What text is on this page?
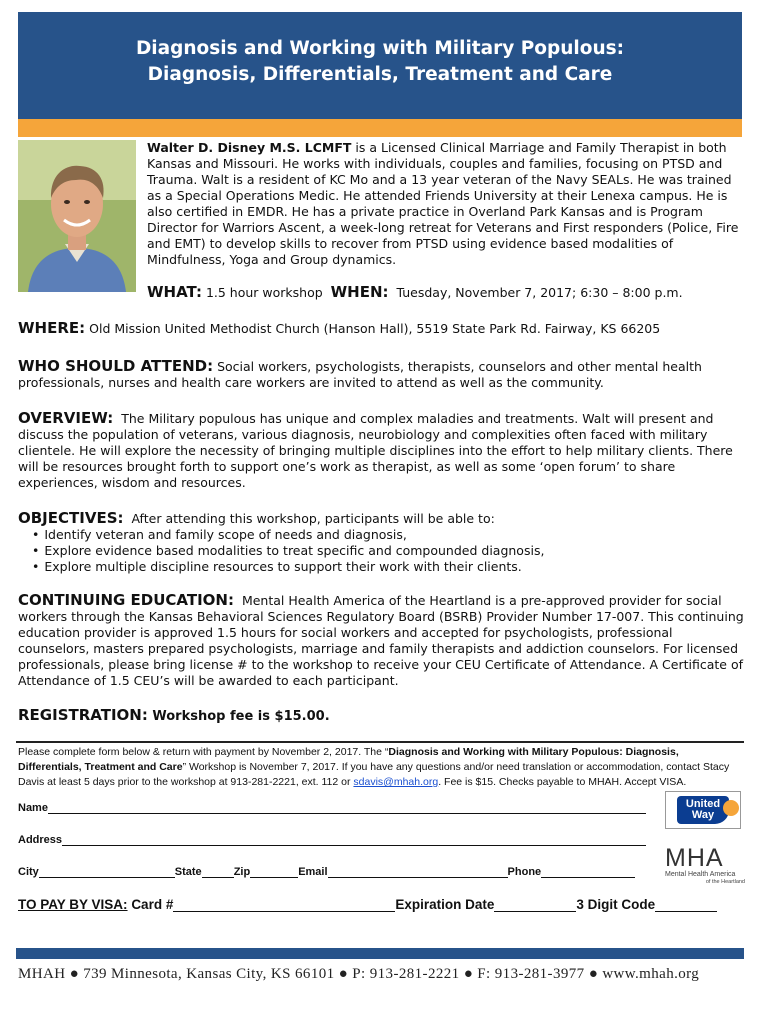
Diagnosis and Working with Military Populous:
Diagnosis, Differentials, Treatment and Care

Walter D. Disney M.S. LCMFT is a Licensed Clinical Marriage and Family Therapist in both Kansas and Missouri. He works with individuals, couples and families, focusing on PTSD and Trauma. Walt is a resident of KC Mo and a 13 year veteran of the Navy SEALs. He was trained as a Special Operations Medic. He attended Friends University at their Lenexa campus. He is also certified in EMDR. He has a private practice in Overland Park Kansas and is Program Director for Warriors Ascent, a week-long retreat for Veterans and First responders (Police, Fire and EMT) to develop skills to recover from PTSD using evidence based modalities of Mindfulness, Yoga and Group dynamics.

WHAT: 1.5 hour workshop WHEN: Tuesday, November 7, 2017; 6:30 – 8:00 p.m.

WHERE: Old Mission United Methodist Church (Hanson Hall), 5519 State Park Rd. Fairway, KS 66205

WHO SHOULD ATTEND: Social workers, psychologists, therapists, counselors and other mental health professionals, nurses and health care workers are invited to attend as well as the community.

OVERVIEW: The Military populous has unique and complex maladies and treatments. Walt will present and discuss the population of veterans, various diagnosis, neurobiology and complexities often faced with military clientele. He will explore the necessity of bringing multiple disciplines into the effort to help military clients. There will be resources brought forth to support one’s work as therapist, as well as some ‘open forum’ to share experiences, wisdom and resources.

OBJECTIVES: After attending this workshop, participants will be able to:

• Identify veteran and family scope of needs and diagnosis,
• Explore evidence based modalities to treat specific and compounded diagnosis,
• Explore multiple discipline resources to support their work with their clients.

CONTINUING EDUCATION: Mental Health America of the Heartland is a pre-approved provider for social workers through the Kansas Behavioral Sciences Regulatory Board (BSRB) Provider Number 17-007. This continuing education provider is approved 1.5 hours for social workers and accepted for psychologists, professional counselors, masters prepared psychologists, marriage and family therapists and addiction counselors. For licensed professionals, please bring license # to the workshop to receive your CEU Certificate of Attendance. A Certificate of Attendance of 1.5 CEU’s will be awarded to each participant.

REGISTRATION: Workshop fee is $15.00.

Please complete form below & return with payment by November 2, 2017. The “Diagnosis and Working with Military Populous: Diagnosis, Differentials, Treatment and Care” Workshop is November 7, 2017. If you have any questions and/or need translation or accommodation, contact Stacy Davis at least 5 days prior to the workshop at 913-281-2221, ext. 112 or sdavis@mhah.org. Fee is $15. Checks payable to MHAH. Accept VISA.

Name
Address
City	State	Zip	Email	Phone
TO PAY BY VISA:
Card #	Expiration Date	3 Digit Code
United
Way
MHA
Mental Health America
of the Heartland
MHAH ● 739 Minnesota, Kansas City, KS 66101 ● P: 913-281-2221 ● F: 913-281-3977 ● www.mhah.org
